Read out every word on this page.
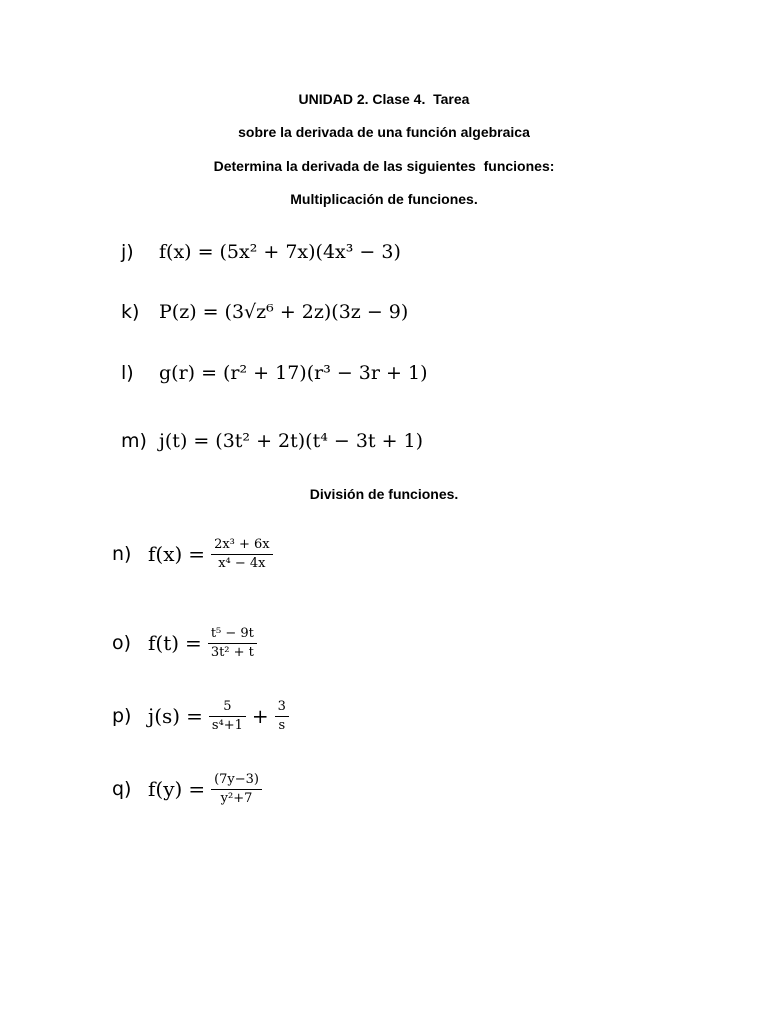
UNIDAD 2. Clase 4.  Tarea
sobre la derivada de una función algebraica
Determina la derivada de las siguientes  funciones:
Multiplicación de funciones.
j) f(x) = (5x² + 7x)(4x³ − 3)
k) P(z) = (3√z⁶ + 2z)(3z − 9)
l) g(r) = (r² + 17)(r³ − 3r + 1)
m) j(t) = (3t² + 2t)(t⁴ − 3t + 1)
División de funciones.
n) $f(x) = \frac{\text{2x³ + 6x}}{\text{x⁴ − 4x}}$
o) $f(t) = \frac{\text{t⁵ − 9t}}{\text{3t² + t}}$
p) $j(s) = \frac{5}{\text{s⁴+1}} + \frac{3}{s}$
q) $f(y) = \frac{(7y-3)}{\text{y²+7}}$
